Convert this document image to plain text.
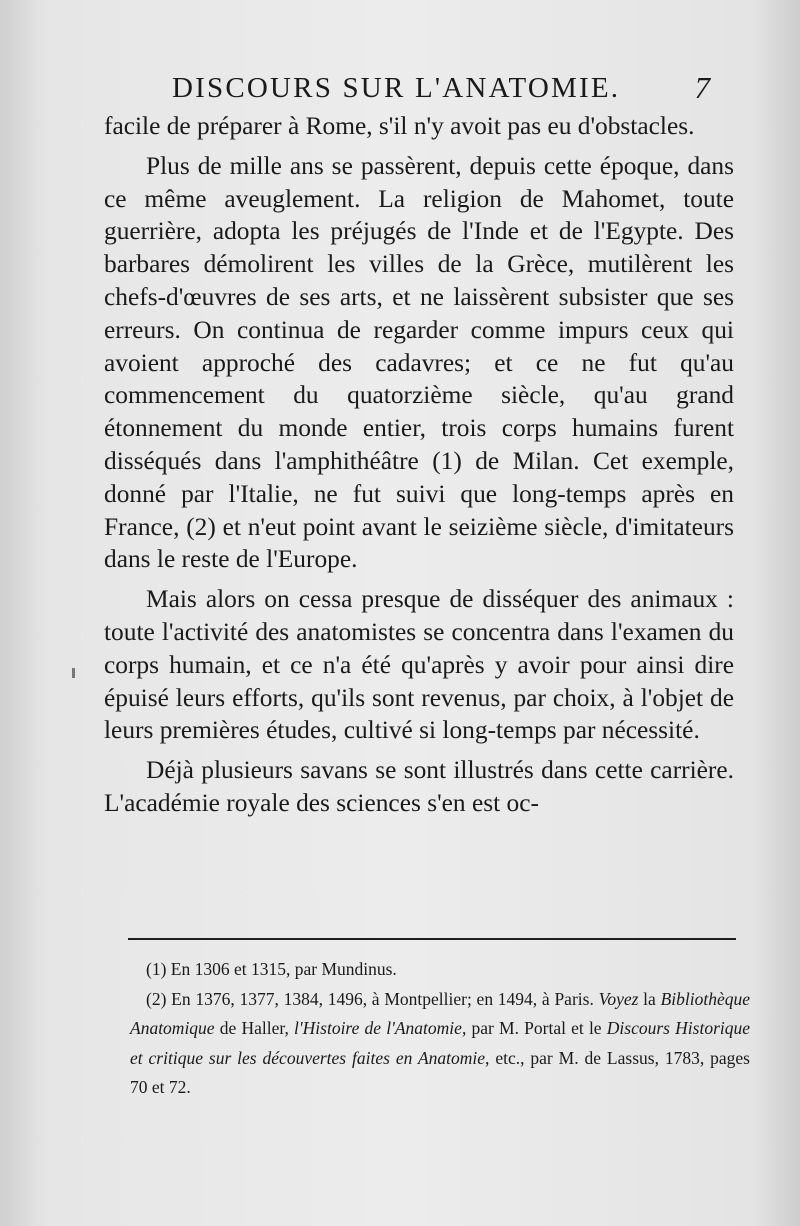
DISCOURS SUR L'ANATOMIE. 7

facile de préparer à Rome, s'il n'y avoit pas eu d'obstacles.

Plus de mille ans se passèrent, depuis cette époque, dans ce même aveuglement. La religion de Mahomet, toute guerrière, adopta les préjugés de l'Inde et de l'Egypte. Des barbares démolirent les villes de la Grèce, mutilèrent les chefs-d'œuvres de ses arts, et ne laissèrent subsister que ses erreurs. On continua de regarder comme impurs ceux qui avoient approché des cadavres; et ce ne fut qu'au commencement du quatorzième siècle, qu'au grand étonnement du monde entier, trois corps humains furent disséqués dans l'amphithéâtre (1) de Milan. Cet exemple, donné par l'Italie, ne fut suivi que long-temps après en France, (2) et n'eut point avant le seizième siècle, d'imitateurs dans le reste de l'Europe.

Mais alors on cessa presque de disséquer des animaux : toute l'activité des anatomistes se concentra dans l'examen du corps humain, et ce n'a été qu'après y avoir pour ainsi dire épuisé leurs efforts, qu'ils sont revenus, par choix, à l'objet de leurs premières études, cultivé si long-temps par nécessité.

Déjà plusieurs savans se sont illustrés dans cette carrière. L'académie royale des sciences s'en est oc-

(1) En 1306 et 1315, par Mundinus.

(2) En 1376, 1377, 1384, 1496, à Montpellier; en 1494, à Paris. Voyez la Bibliothèque Anatomique de Haller, l'Histoire de l'Anatomie, par M. Portal et le Discours Historique et critique sur les découvertes faites en Anatomie, etc., par M. de Lassus, 1783, pages 70 et 72.
